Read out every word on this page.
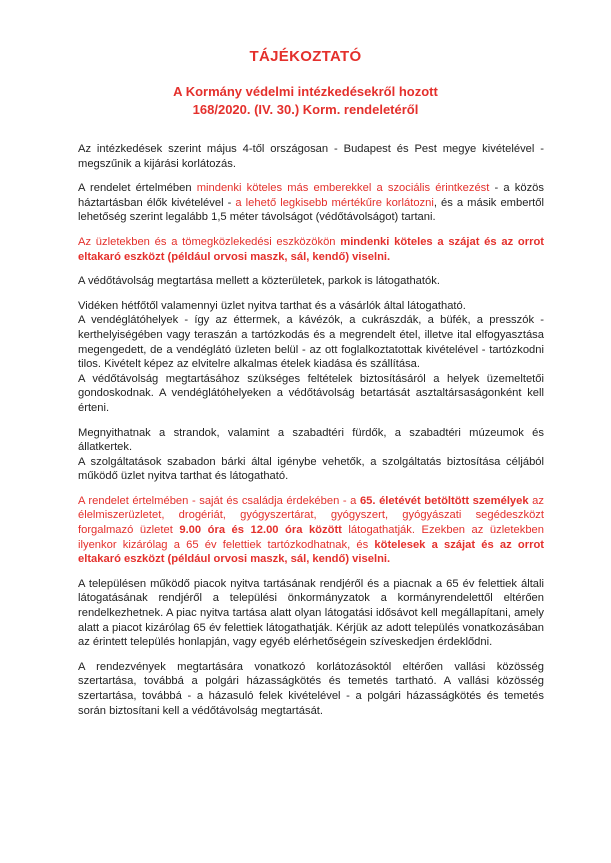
TÁJÉKOZTATÓ
A Kormány védelmi intézkedésekről hozott
168/2020. (IV. 30.) Korm. rendeletéről

Az intézkedések szerint május 4-től országosan - Budapest és Pest megye kivételével - megszűnik a kijárási korlátozás.

A rendelet értelmében mindenki köteles más emberekkel a szociális érintkezést - a közös háztartásban élők kivételével - a lehető legkisebb mértékűre korlátozni, és a másik embertől lehetőség szerint legalább 1,5 méter távolságot (védőtávolságot) tartani.

Az üzletekben és a tömegközlekedési eszközökön mindenki köteles a szájat és az orrot eltakaró eszközt (például orvosi maszk, sál, kendő) viselni.

A védőtávolság megtartása mellett a közterületek, parkok is látogathatók.

Vidéken hétfőtől valamennyi üzlet nyitva tarthat és a vásárlók által látogatható.

A vendéglátóhelyek - így az éttermek, a kávézók, a cukrászdák, a büfék, a presszók - kerthelyiségében vagy teraszán a tartózkodás és a megrendelt étel, illetve ital elfogyasztása megengedett, de a vendéglátó üzleten belül - az ott foglalkoztatottak kivételével - tartózkodni tilos. Kivételt képez az elvitelre alkalmas ételek kiadása és szállítása.

A védőtávolság megtartásához szükséges feltételek biztosításáról a helyek üzemeltetői gondoskodnak. A vendéglátóhelyeken a védőtávolság betartását asztaltársaságonként kell érteni.

Megnyithatnak a strandok, valamint a szabadtéri fürdők, a szabadtéri múzeumok és állatkertek.

A szolgáltatások szabadon bárki által igénybe vehetők, a szolgáltatás biztosítása céljából működő üzlet nyitva tarthat és látogatható.

A rendelet értelmében - saját és családja érdekében - a 65. életévét betöltött személyek az élelmiszerüzletet, drogériát, gyógyszertárat, gyógyszert, gyógyászati segédeszközt forgalmazó üzletet 9.00 óra és 12.00 óra között látogathatják. Ezekben az üzletekben ilyenkor kizárólag a 65 év felettiek tartózkodhatnak, és kötelesek a szájat és az orrot eltakaró eszközt (például orvosi maszk, sál, kendő) viselni.

A településen működő piacok nyitva tartásának rendjéről és a piacnak a 65 év felettiek általi látogatásának rendjéről a települési önkormányzatok a kormányrendelettől eltérően rendelkezhetnek. A piac nyitva tartása alatt olyan látogatási idősávot kell megállapítani, amely alatt a piacot kizárólag 65 év felettiek látogathatják. Kérjük az adott település vonatkozásában az érintett település honlapján, vagy egyéb elérhetőségein szíveskedjen érdeklődni.

A rendezvények megtartására vonatkozó korlátozásoktól eltérően vallási közösség szertartása, továbbá a polgári házasságkötés és temetés tartható. A vallási közösség szertartása, továbbá - a házasuló felek kivételével - a polgári házasságkötés és temetés során biztosítani kell a védőtávolság megtartását.
